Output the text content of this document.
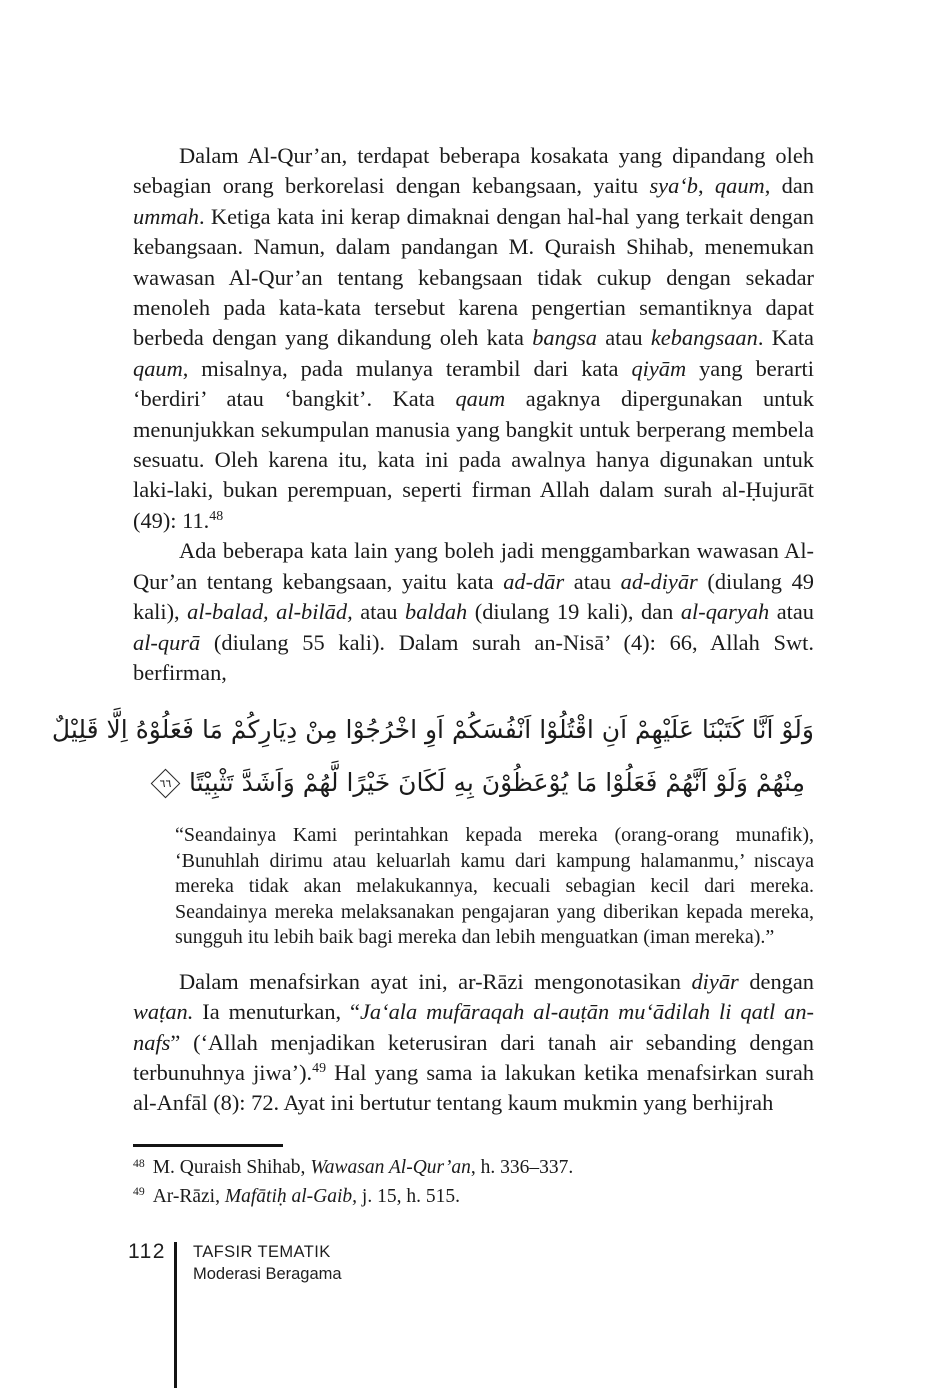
Dalam Al-Qur’an, terdapat beberapa kosakata yang dipandang oleh sebagian orang berkorelasi dengan kebangsaan, yaitu sya‘b, qaum, dan ummah. Ketiga kata ini kerap dimaknai dengan hal-hal yang terkait dengan kebangsaan. Namun, dalam pandangan M. Quraish Shihab, menemukan wawasan Al-Qur’an tentang kebangsaan tidak cukup dengan sekadar menoleh pada kata-kata tersebut karena pengertian semantiknya dapat berbeda dengan yang dikandung oleh kata bangsa atau kebangsaan. Kata qaum, misalnya, pada mulanya terambil dari kata qiyām yang berarti ‘berdiri’ atau ‘bangkit’. Kata qaum agaknya dipergunakan untuk menunjukkan sekumpulan manusia yang bangkit untuk berperang membela sesuatu. Oleh karena itu, kata ini pada awalnya hanya digunakan untuk laki-laki, bukan perempuan, seperti firman Allah dalam surah al-Ḥujurāt (49): 11.48

Ada beberapa kata lain yang boleh jadi menggambarkan wawasan Al-Qur’an tentang kebangsaan, yaitu kata ad-dār atau ad-diyār (diulang 49 kali), al-balad, al-bilād, atau baldah (diulang 19 kali), dan al-qaryah atau al-qurā (diulang 55 kali). Dalam surah an-Nisā’ (4): 66, Allah Swt. berfirman,

وَلَوْ اَنَّا كَتَبْنَا عَلَيْهِمْ اَنِ اقْتُلُوْا اَنْفُسَكُمْ اَوِ اخْرُجُوْا مِنْ دِيَارِكُمْ مَا فَعَلُوْهُ اِلَّا قَلِيْلٌ
مِنْهُمْ وَلَوْ اَنَّهُمْ فَعَلُوْا مَا يُوْعَظُوْنَ بِهِ لَكَانَ خَيْرًا لَّهُمْ وَاَشَدَّ تَثْبِيْتًا
٦٦
“Seandainya Kami perintahkan kepada mereka (orang-orang munafik), ‘Bunuhlah dirimu atau keluarlah kamu dari kampung halamanmu,’ niscaya mereka tidak akan melakukannya, kecuali sebagian kecil dari mereka. Seandainya mereka melaksanakan pengajaran yang diberikan kepada mereka, sungguh itu lebih baik bagi mereka dan lebih menguatkan (iman mereka).”

Dalam menafsirkan ayat ini, ar-Rāzi mengonotasikan diyār dengan waṭan. Ia menuturkan, “Ja‘ala mufāraqah al-auṭān mu‘ādilah li qatl an-nafs” (‘Allah menjadikan keterusiran dari tanah air sebanding dengan terbunuhnya jiwa’).$^{49}$ Hal yang sama ia lakukan ketika menafsirkan surah al-Anfāl (8): 72. Ayat ini bertutur tentang kaum mukmin yang berhijrah

$^{48}$ M. Quraish Shihab, Wawasan Al-Qur’an, h. 336–337.
$^{49}$ Ar-Rāzi, Mafātiḥ al-Gaib, j. 15, h. 515.
112 TAFSIR TEMATIK
Moderasi Beragama
